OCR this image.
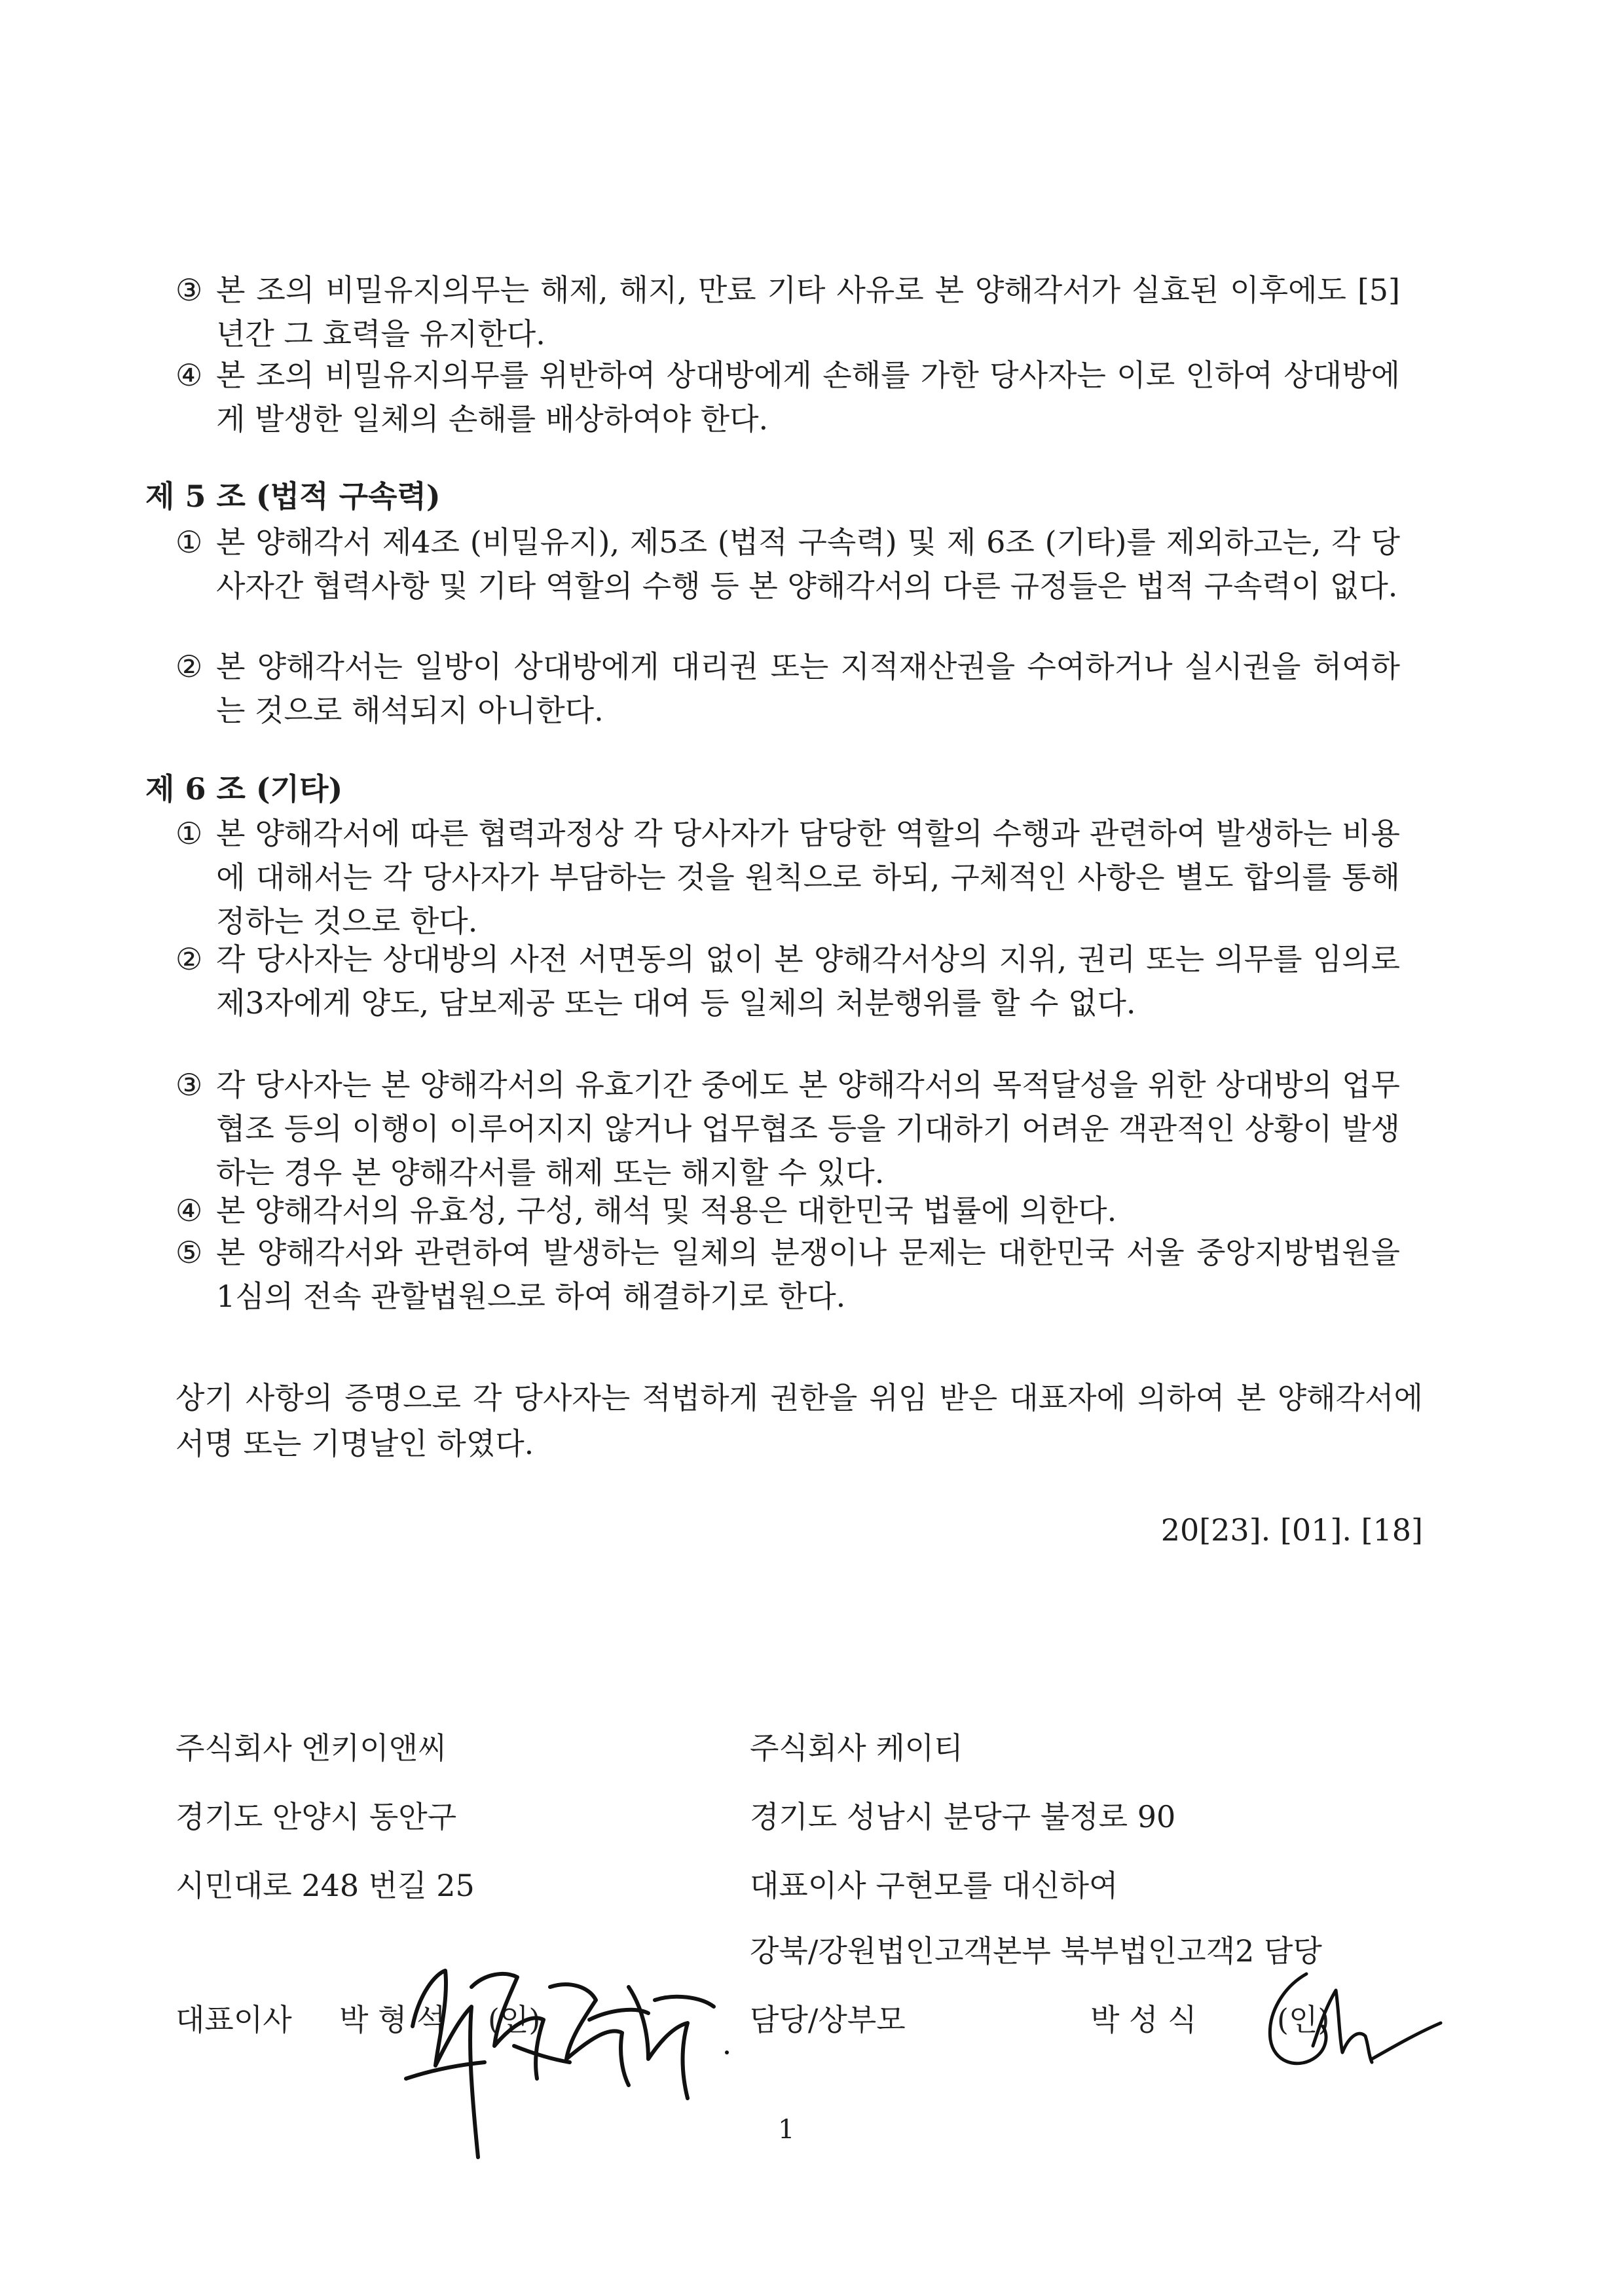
③ 본 조의 비밀유지의무는 해제, 해지, 만료 기타 사유로 본 양해각서가 실효된 이후에도 [5]년간 그 효력을 유지한다.
④ 본 조의 비밀유지의무를 위반하여 상대방에게 손해를 가한 당사자는 이로 인하여 상대방에게 발생한 일체의 손해를 배상하여야 한다.
제 5 조 (법적 구속력)
① 본 양해각서 제4조 (비밀유지), 제5조 (법적 구속력) 및 제 6조 (기타)를 제외하고는, 각 당사자간 협력사항 및 기타 역할의 수행 등 본 양해각서의 다른 규정들은 법적 구속력이 없다.
② 본 양해각서는 일방이 상대방에게 대리권 또는 지적재산권을 수여하거나 실시권을 허여하는 것으로 해석되지 아니한다.
제 6 조 (기타)
① 본 양해각서에 따른 협력과정상 각 당사자가 담당한 역할의 수행과 관련하여 발생하는 비용에 대해서는 각 당사자가 부담하는 것을 원칙으로 하되, 구체적인 사항은 별도 합의를 통해 정하는 것으로 한다.
② 각 당사자는 상대방의 사전 서면동의 없이 본 양해각서상의 지위, 권리 또는 의무를 임의로 제3자에게 양도, 담보제공 또는 대여 등 일체의 처분행위를 할 수 없다.
③ 각 당사자는 본 양해각서의 유효기간 중에도 본 양해각서의 목적달성을 위한 상대방의 업무협조 등의 이행이 이루어지지 않거나 업무협조 등을 기대하기 어려운 객관적인 상황이 발생하는 경우 본 양해각서를 해제 또는 해지할 수 있다.
④ 본 양해각서의 유효성, 구성, 해석 및 적용은 대한민국 법률에 의한다.
⑤ 본 양해각서와 관련하여 발생하는 일체의 분쟁이나 문제는 대한민국 서울 중앙지방법원을 1심의 전속 관할법원으로 하여 해결하기로 한다.
상기 사항의 증명으로 각 당사자는 적법하게 권한을 위임 받은 대표자에 의하여 본 양해각서에 서명 또는 기명날인 하였다.
20[23]. [01]. [18]
주식회사 엔키이앤씨
경기도 안양시 동안구
시민대로 248 번길 25
대표이사 박 형 석 (인)
주식회사 케이티
경기도 성남시 분당구 불정로 90
대표이사 구현모를 대신하여
강북/강원법인고객본부 북부법인고객2 담당
담당/상부모	박 성 식	(인)
1
